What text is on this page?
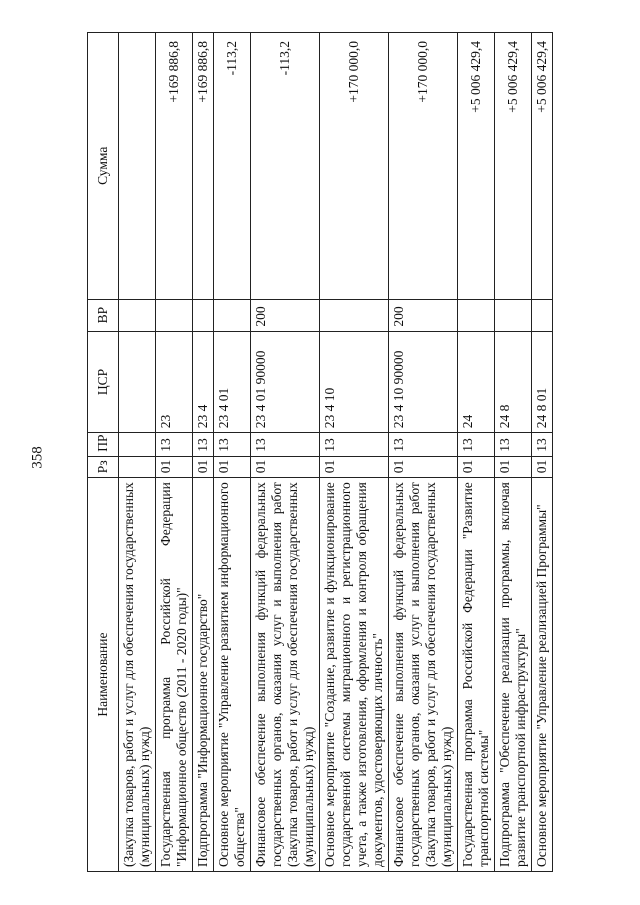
358
Наименование	Рз	ПР	ЦСР	ВР	Сумма
(Закупка товаров, работ и услуг для обеспечения государственных (муниципальных) нужд)					
Государственная программа Российской Федерации "Информационное общество (2011 - 2020 годы)"	01	13	23		+169 886,8
Подпрограмма "Информационное государство"	01	13	23 4		+169 886,8
Основное мероприятие "Управление развитием информационного общества"	01	13	23 4 01		-113,2
Финансовое обеспечение выполнения функций федеральных государственных органов, оказания услуг и выполнения работ (Закупка товаров, работ и услуг для обеспечения государственных (муниципальных) нужд)	01	13	23 4 01 90000	200	-113,2
Основное мероприятие "Создание, развитие и функционирование государственной системы миграционного и регистрационного учета, а также изготовления, оформления и контроля обращения документов, удостоверяющих личность"	01	13	23 4 10		+170 000,0
Финансовое обеспечение выполнения функций федеральных государственных органов, оказания услуг и выполнения работ (Закупка товаров, работ и услуг для обеспечения государственных (муниципальных) нужд)	01	13	23 4 10 90000	200	+170 000,0
Государственная программа Российской Федерации "Развитие транспортной системы"	01	13	24		+5 006 429,4
Подпрограмма "Обеспечение реализации программы, включая развитие транспортной инфраструктуры"	01	13	24 8		+5 006 429,4
Основное мероприятие "Управление реализацией Программы"	01	13	24 8 01		+5 006 429,4
